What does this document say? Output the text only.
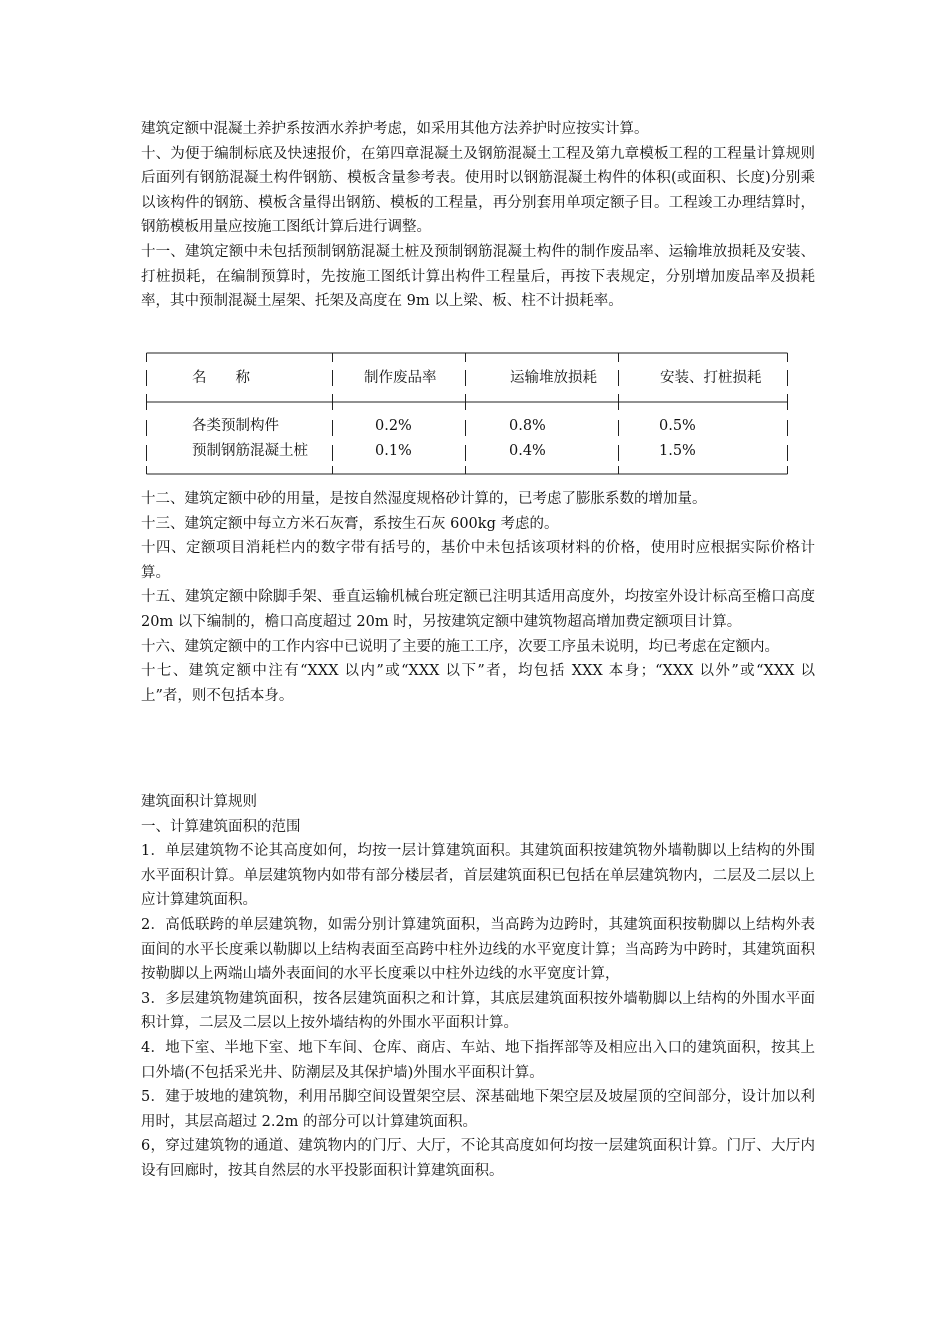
建筑定额中混凝土养护系按洒水养护考虑，如采用其他方法养护时应按实计算。

十、为便于编制标底及快速报价，在第四章混凝土及钢筋混凝土工程及第九章模板工程的工程量计算规则后面列有钢筋混凝土构件钢筋、模板含量参考表。使用时以钢筋混凝土构件的体积(或面积、长度)分别乘以该构件的钢筋、模板含量得出钢筋、模板的工程量，再分别套用单项定额子目。工程竣工办理结算时，钢筋模板用量应按施工图纸计算后进行调整。

十一、建筑定额中未包括预制钢筋混凝土桩及预制钢筋混凝土构件的制作废品率、运输堆放损耗及安装、打桩损耗，在编制预算时，先按施工图纸计算出构件工程量后，再按下表规定，分别增加废品率及损耗率，其中预制混凝土屋架、托架及高度在 9m 以上梁、板、柱不计损耗率。

名　　称	制作废品率	运输堆放损耗	安装、打桩损耗
各类预制构件	0.2%	0.8%	0.5%
预制钢筋混凝土桩	0.1%	0.4%	1.5%

十二、建筑定额中砂的用量，是按自然湿度规格砂计算的，已考虑了膨胀系数的增加量。

十三、建筑定额中每立方米石灰膏，系按生石灰 600kg 考虑的。

十四、定额项目消耗栏内的数字带有括号的，基价中未包括该项材料的价格，使用时应根据实际价格计算。

十五、建筑定额中除脚手架、垂直运输机械台班定额已注明其适用高度外，均按室外设计标高至檐口高度 20m 以下编制的，檐口高度超过 20m 时，另按建筑定额中建筑物超高增加费定额项目计算。

十六、建筑定额中的工作内容中已说明了主要的施工工序，次要工序虽未说明，均已考虑在定额内。

十七、建筑定额中注有“XXX 以内”或“XXX 以下”者，均包括 XXX 本身；“XXX 以外”或“XXX 以上”者，则不包括本身。

建筑面积计算规则

一、计算建筑面积的范围

1．单层建筑物不论其高度如何，均按一层计算建筑面积。其建筑面积按建筑物外墙勒脚以上结构的外围水平面积计算。单层建筑物内如带有部分楼层者，首层建筑面积已包括在单层建筑物内，二层及二层以上应计算建筑面积。

2．高低联跨的单层建筑物，如需分别计算建筑面积，当高跨为边跨时，其建筑面积按勒脚以上结构外表面间的水平长度乘以勒脚以上结构表面至高跨中柱外边线的水平宽度计算；当高跨为中跨时，其建筑面积按勒脚以上两端山墙外表面间的水平长度乘以中柱外边线的水平宽度计算，

3．多层建筑物建筑面积，按各层建筑面积之和计算，其底层建筑面积按外墙勒脚以上结构的外围水平面积计算，二层及二层以上按外墙结构的外围水平面积计算。

4．地下室、半地下室、地下车间、仓库、商店、车站、地下指挥部等及相应出入口的建筑面积，按其上口外墙(不包括采光井、防潮层及其保护墙)外围水平面积计算。

5．建于坡地的建筑物，利用吊脚空间设置架空层、深基础地下架空层及坡屋顶的空间部分，设计加以利用时，其层高超过 2.2m 的部分可以计算建筑面积。

6，穿过建筑物的通道、建筑物内的门厅、大厅，不论其高度如何均按一层建筑面积计算。门厅、大厅内设有回廊时，按其自然层的水平投影面积计算建筑面积。
